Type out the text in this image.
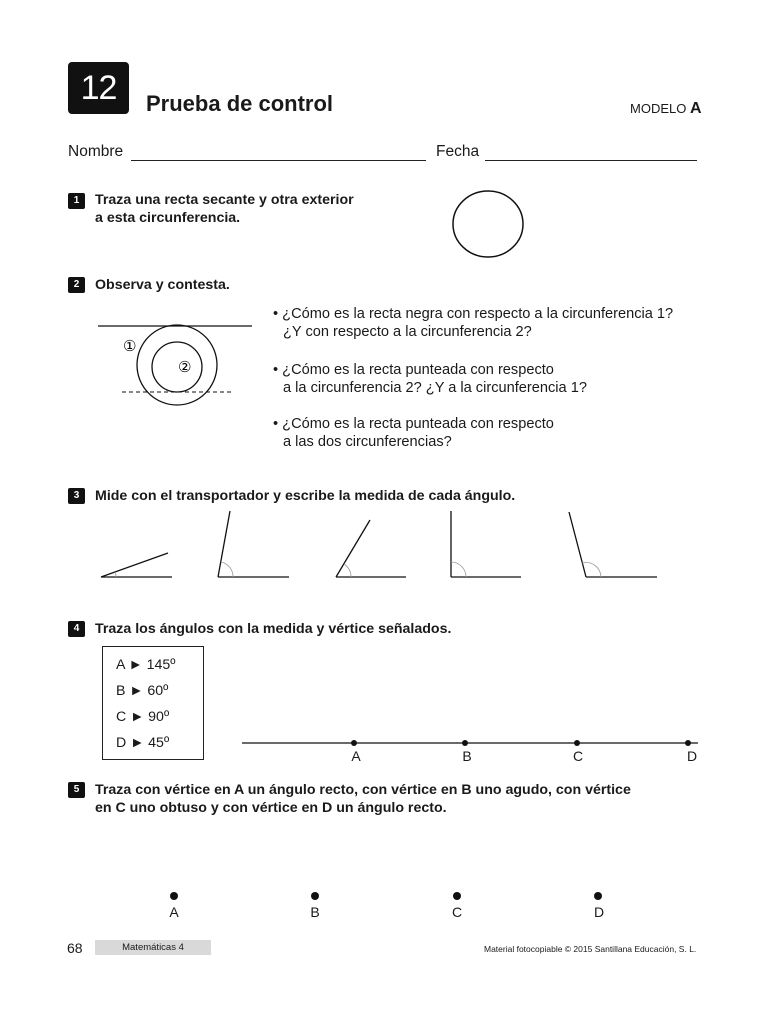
12	Prueba de control	MODELO A
Nombre	Fecha
1	Traza una recta secante y otra exterior
a esta circunferencia.
2	Observa y contesta.
• ¿Cómo es la recta negra con respecto a la circunferencia 1?
¿Y con respecto a la circunferencia 2?
• ¿Cómo es la recta punteada con respecto
a la circunferencia 2? ¿Y a la circunferencia 1?
• ¿Cómo es la recta punteada con respecto
a las dos circunferencias?
3	Mide con el transportador y escribe la medida de cada ángulo.
4	Traza los ángulos con la medida y vértice señalados.
A ► 145º
B ► 60º
C ► 90º
D ► 45º
A	B	C	D
5	Traza con vértice en A un ángulo recto, con vértice en B uno agudo, con vértice
en C uno obtuso y con vértice en D un ángulo recto.
A	B	C	D
①
②
68	Matemáticas 4	Material fotocopiable © 2015 Santillana Educación, S. L.
